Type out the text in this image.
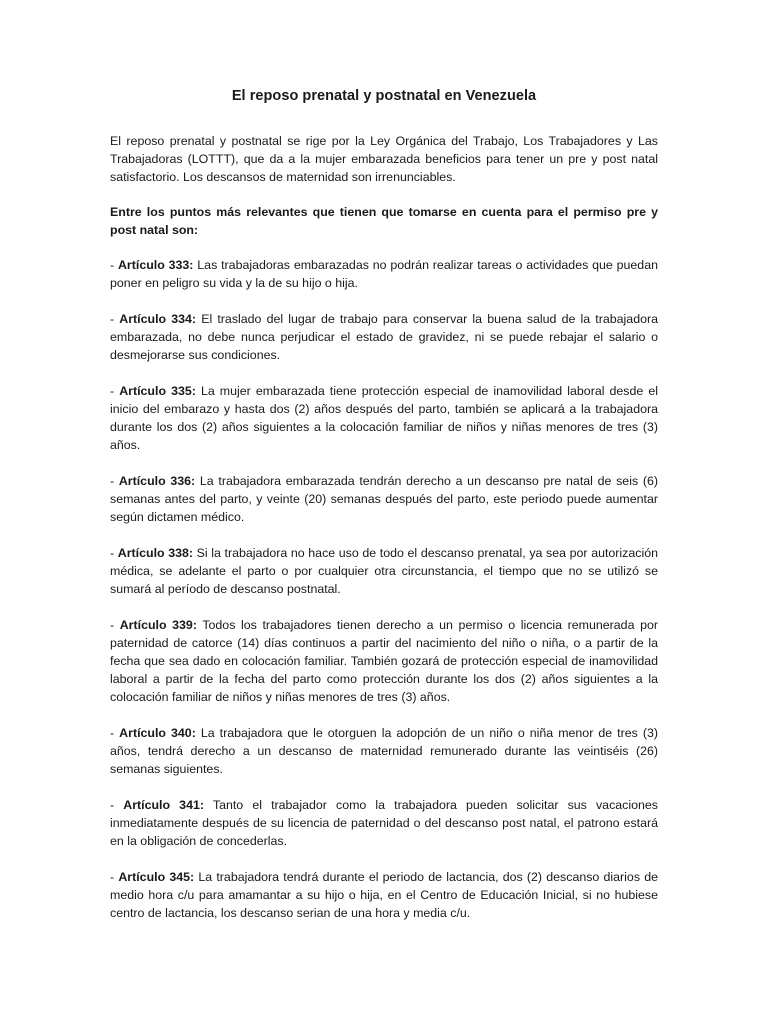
El reposo prenatal y postnatal en Venezuela

El reposo prenatal y postnatal se rige por la Ley Orgánica del Trabajo, Los Trabajadores y Las Trabajadoras (LOTTT), que da a la mujer embarazada beneficios para tener un pre y post natal satisfactorio. Los descansos de maternidad son irrenunciables.

Entre los puntos más relevantes que tienen que tomarse en cuenta para el permiso pre y post natal son:

- Artículo 333: Las trabajadoras embarazadas no podrán realizar tareas o actividades que puedan poner en peligro su vida y la de su hijo o hija.

- Artículo 334: El traslado del lugar de trabajo para conservar la buena salud de la trabajadora embarazada, no debe nunca perjudicar el estado de gravidez, ni se puede rebajar el salario o desmejorarse sus condiciones.

- Artículo 335: La mujer embarazada tiene protección especial de inamovilidad laboral desde el inicio del embarazo y hasta dos (2) años después del parto, también se aplicará a la trabajadora durante los dos (2) años siguientes a la colocación familiar de niños y niñas menores de tres (3) años.

- Artículo 336: La trabajadora embarazada tendrán derecho a un descanso pre natal de seis (6) semanas antes del parto, y veinte (20) semanas después del parto, este periodo puede aumentar según dictamen médico.

- Artículo 338: Si la trabajadora no hace uso de todo el descanso prenatal, ya sea por autorización médica, se adelante el parto o por cualquier otra circunstancia, el tiempo que no se utilizó se sumará al período de descanso postnatal.

- Artículo 339: Todos los trabajadores tienen derecho a un permiso o licencia remunerada por paternidad de catorce (14) días continuos a partir del nacimiento del niño o niña, o a partir de la fecha que sea dado en colocación familiar. También gozará de protección especial de inamovilidad laboral a partir de la fecha del parto como protección durante los dos (2) años siguientes a la colocación familiar de niños y niñas menores de tres (3) años.

- Artículo 340: La trabajadora que le otorguen la adopción de un niño o niña menor de tres (3) años, tendrá derecho a un descanso de maternidad remunerado durante las veintiséis (26) semanas siguientes.

- Artículo 341: Tanto el trabajador como la trabajadora pueden solicitar sus vacaciones inmediatamente después de su licencia de paternidad o del descanso post natal, el patrono estará en la obligación de concederlas.

- Artículo 345: La trabajadora tendrá durante el periodo de lactancia, dos (2) descanso diarios de medio hora c/u para amamantar a su hijo o hija, en el Centro de Educación Inicial, si no hubiese centro de lactancia, los descanso serian de una hora y media c/u.
